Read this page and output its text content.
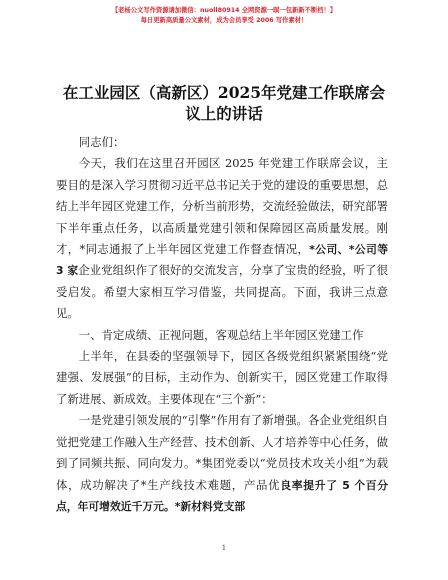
【老杨公文写作资源请加微信：nuoll80914 全网资源一暝一包新新不断档！】
每日更新高质量公文素材，成为会员享受 2006 写作素材！
在工业园区（高新区）2025年党建工作联席会
议上的讲话

同志们：

今天，我们在这里召开园区 2025 年党建工作联席会议，主要目的是深入学习贯彻习近平总书记关于党的建设的重要思想，总结上半年园区党建工作，分析当前形势，交流经验做法，研究部署下半年重点任务，以高质量党建引领和保障园区高质量发展。刚才，*同志通报了上半年园区党建工作督查情况，*公司、*公司等 3 家企业党组织作了很好的交流发言，分享了宝贵的经验，听了很受启发。希望大家相互学习借鉴，共同提高。下面，我讲三点意见。

一、肯定成绩、正视问题，客观总结上半年园区党建工作

上半年，在县委的坚强领导下，园区各级党组织紧紧围绕“党建强、发展强”的目标，主动作为、创新实干，园区党建工作取得了新进展、新成效。主要体现在“三个新”：

一是党建引领发展的“引擎”作用有了新增强。各企业党组织自觉把党建工作融入生产经营、技术创新、人才培养等中心任务，做到了同频共振、同向发力。*集团党委以“党员技术攻关小组”为载体，成功解决了*生产线技术难题，产品优良率提升了 5 个百分点，年可增效近千万元。*新材料党支部

1
